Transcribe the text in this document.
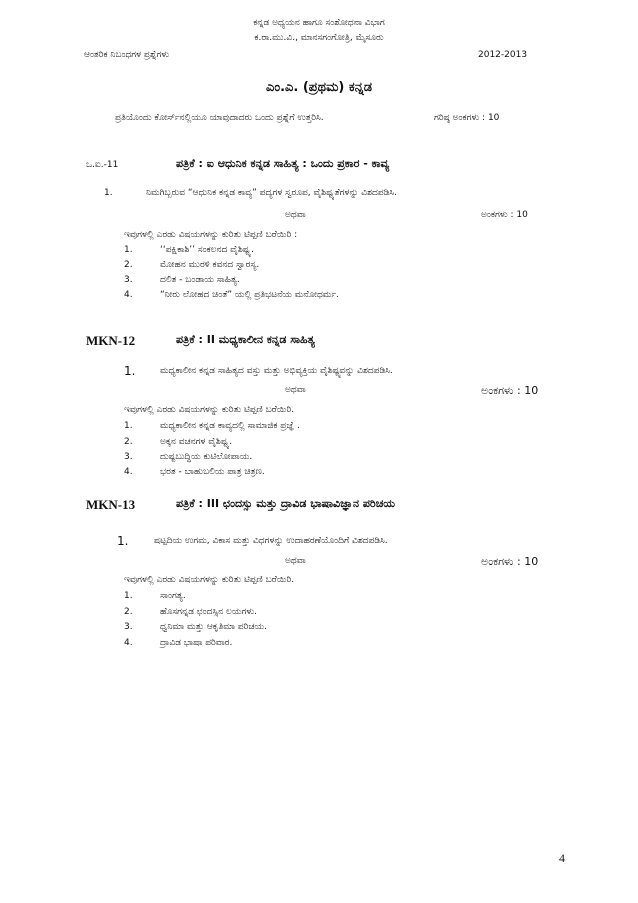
ಕನ್ನಡ ಅಧ್ಯಯನ ಹಾಗೂ ಸಂಶೋಧನಾ ವಿಭಾಗ
ಕ.ರಾ.ಮು.ವಿ., ಮಾನಸಗಂಗೋತ್ರಿ, ಮೈಸೂರು
ಆಂತರಿಕ ನಿಬಂಧಗಳ ಪ್ರಶ್ನೆಗಳು	2012-2013
ಎಂ.ಎ. (ಪ್ರಥಮ) ಕನ್ನಡ
ಪ್ರತಿಯೊಂದು ಕೋರ್ಸ್‌ನಲ್ಲಿಯೂ ಯಾವುದಾದರು ಒಂದು ಪ್ರಶ್ನೆಗೆ ಉತ್ತರಿಸಿ.	ಗರಿಷ್ಠ ಅಂಕಗಳು : 10
ಒ.ಐ.-11	ಪತ್ರಿಕೆ : ಐ ಆಧುನಿಕ ಕನ್ನಡ ಸಾಹಿತ್ಯ : ಒಂದು ಪ್ರಕಾರ - ಕಾವ್ಯ
1.	ನಿಮಗಿಬ್ಬರುವ “ಆಧುನಿಕ ಕನ್ನಡ ಕಾವ್ಯ” ಪದ್ಯಗಳ ಸ್ವರೂಪ, ವೈಶಿಷ್ಟ್ಯತೆಗಳನ್ನು ವಿಶದಪಡಿಸಿ.
ಅಥವಾ	ಅಂಕಗಳು : 10
ಇವುಗಳಲ್ಲಿ ಎರಡು ವಿಷಯಗಳನ್ನು ಕುರಿತು ಟಿಪ್ಪಣಿ ಬರೆಯಿರಿ :
1.	‘‘ಪಕ್ಷಿಕಾಶಿ’’ ಸಂಕಲನದ ವೈಶಿಷ್ಟ್ಯ.
2.	ಮೋಹನ ಮುರಳಿ ಕವನದ ಸ್ವಾರಸ್ಯ.
3.	ದಲಿತ - ಬಂಡಾಯ ಸಾಹಿತ್ಯ.
4.	“ನೀರು ಲೋಹದ ಚಿಂತೆ” ಯಲ್ಲಿ ಪ್ರತಿಭಟನೆಯ ಮನೋಧರ್ಮ.
MKN-12	ಪತ್ರಿಕೆ : II ಮಧ್ಯಕಾಲೀನ ಕನ್ನಡ ಸಾಹಿತ್ಯ
1.	ಮಧ್ಯಕಾಲೀನ ಕನ್ನಡ ಸಾಹಿತ್ಯದ ವಸ್ತು ಮತ್ತು ಅಭಿವ್ಯಕ್ತಿಯ ವೈಶಿಷ್ಟ್ಯವನ್ನು ವಿಶದಪಡಿಸಿ.
ಅಥವಾ	ಅಂಕಗಳು : 10
ಇವುಗಳಲ್ಲಿ ಎರಡು ವಿಷಯಗಳನ್ನು ಕುರಿತು ಟಿಪ್ಪಣಿ ಬರೆಯಿರಿ.
1.	ಮಧ್ಯಕಾಲೀನ ಕನ್ನಡ ಕಾವ್ಯದಲ್ಲಿ ಸಾಮಾಜಿಕ ಪ್ರಜ್ಞೆ .
2.	ಅಕ್ಕನ ವಚನಗಳ ವೈಶಿಷ್ಟ್ಯ.
3.	ದುಷ್ಟಬುದ್ಧಿಯ ಕುಟಿಲೋಪಾಯ.
4.	ಭರತ - ಬಾಹುಬಲಿಯ ಪಾತ್ರ ಚಿತ್ರಣ.
MKN-13	ಪತ್ರಿಕೆ : III ಛಂದಸ್ಸು ಮತ್ತು ದ್ರಾವಿಡ ಭಾಷಾವಿಜ್ಞಾನ ಪರಿಚಯ
1.	ಷಟ್ಪದಿಯ ಉಗಮ, ವಿಕಾಸ ಮತ್ತು ವಿಧಗಳನ್ನು ಉದಾಹರಣೆಯೊಂದಿಗೆ ವಿಶದಪಡಿಸಿ.
ಅಥವಾ	ಅಂಕಗಳು : 10
ಇವುಗಳಲ್ಲಿ ಎರಡು ವಿಷಯಗಳನ್ನು ಕುರಿತು ಟಿಪ್ಪಣಿ ಬರೆಯಿರಿ.
1.	ಸಾಂಗತ್ಯ.
2.	ಹೊಸಗನ್ನಡ ಛಂದಸ್ಸಿನ ಲಯಗಳು.
3.	ಧ್ವನಿಮಾ ಮತ್ತು ಆಕೃತಿಮಾ ಪರಿಚಯ.
4.	ದ್ರಾವಿಡ ಭಾಷಾ ಪರಿವಾರ.
4
